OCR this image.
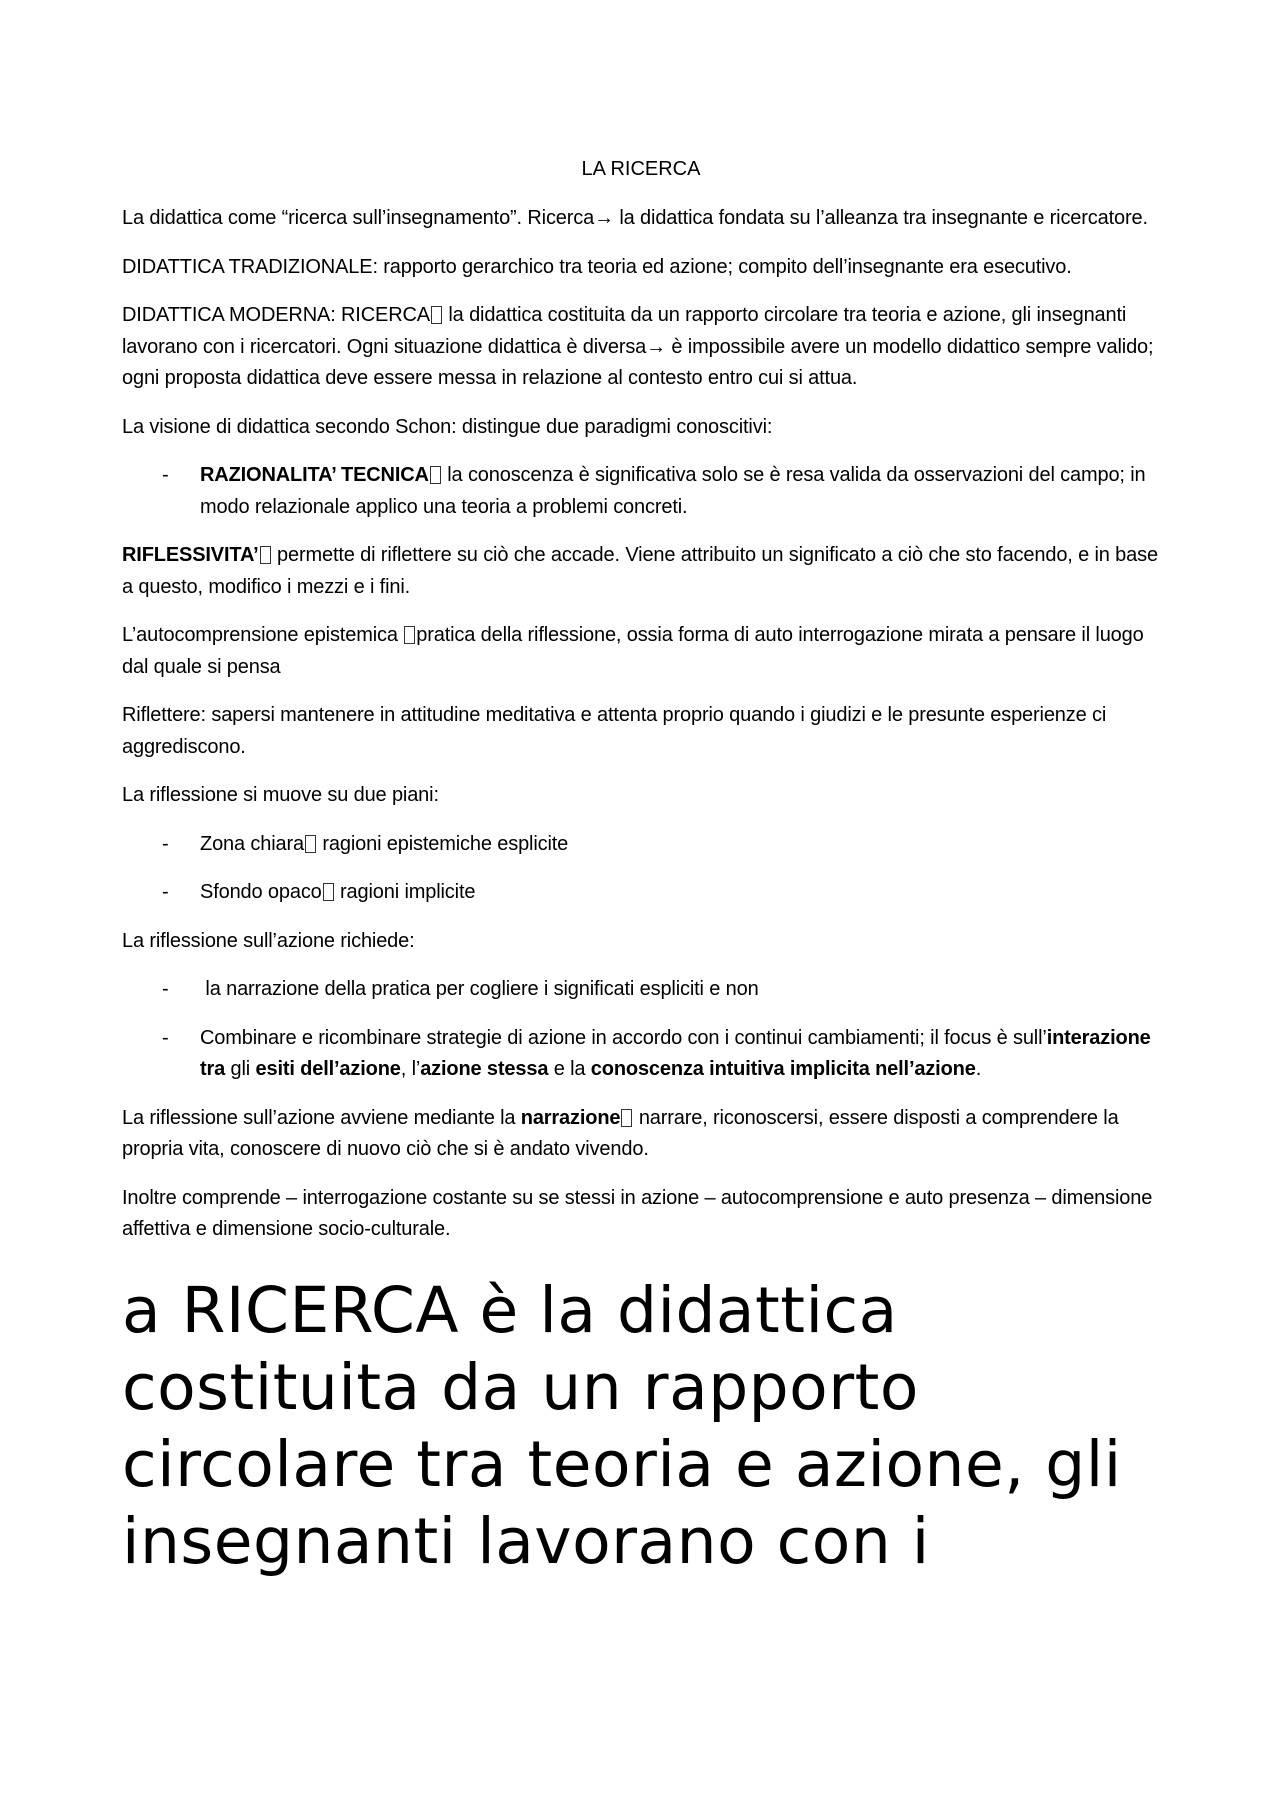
LA RICERCA

La didattica come “ricerca sull’insegnamento”. Ricerca→ la didattica fondata su l’alleanza tra insegnante e ricercatore.

DIDATTICA TRADIZIONALE: rapporto gerarchico tra teoria ed azione; compito dell’insegnante era esecutivo.

DIDATTICA MODERNA: RICERCA la didattica costituita da un rapporto circolare tra teoria e azione, gli insegnanti lavorano con i ricercatori. Ogni situazione didattica è diversa→ è impossibile avere un modello didattico sempre valido; ogni proposta didattica deve essere messa in relazione al contesto entro cui si attua.

La visione di didattica secondo Schon: distingue due paradigmi conoscitivi:

- RAZIONALITA’ TECNICA la conoscenza è significativa solo se è resa valida da osservazioni del campo; in modo relazionale applico una teoria a problemi concreti.

RIFLESSIVITA’ permette di riflettere su ciò che accade. Viene attribuito un significato a ciò che sto facendo, e in base a questo, modifico i mezzi e i fini.

L’autocomprensione epistemica pratica della riflessione, ossia forma di auto interrogazione mirata a pensare il luogo dal quale si pensa

Riflettere: sapersi mantenere in attitudine meditativa e attenta proprio quando i giudizi e le presunte esperienze ci aggrediscono.

La riflessione si muove su due piani:

- Zona chiara ragioni epistemiche esplicite
- Sfondo opaco ragioni implicite

La riflessione sull’azione richiede:

- la narrazione della pratica per cogliere i significati espliciti e non
- Combinare e ricombinare strategie di azione in accordo con i continui cambiamenti; il focus è sull’interazione tra gli esiti dell’azione, l’azione stessa e la conoscenza intuitiva implicita nell’azione.

La riflessione sull’azione avviene mediante la narrazione narrare, riconoscersi, essere disposti a comprendere la propria vita, conoscere di nuovo ciò che si è andato vivendo.

Inoltre comprende – interrogazione costante su se stessi in azione – autocomprensione e auto presenza – dimensione affettiva e dimensione socio-culturale.

a RICERCA è la didattica costituita da un rapporto circolare tra teoria e azione, gli insegnanti lavorano con i
